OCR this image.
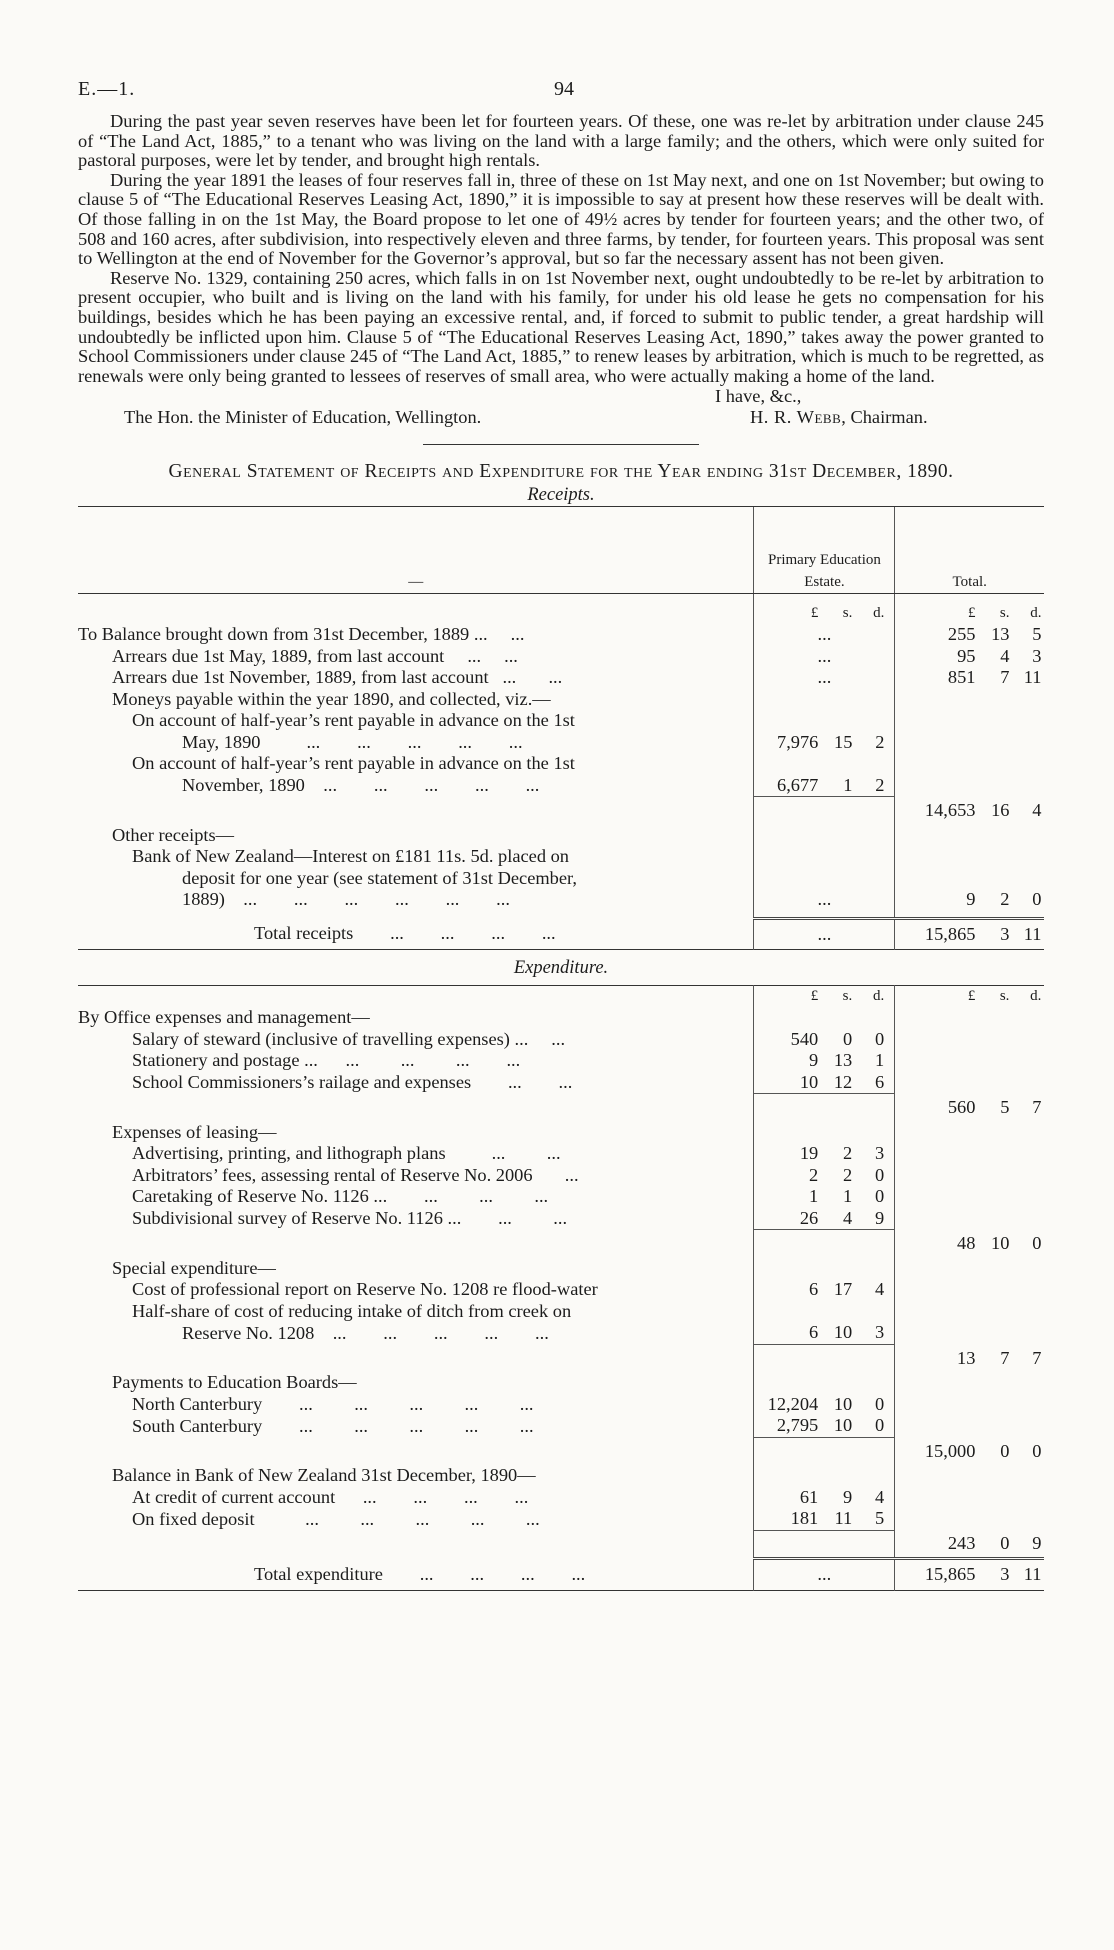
E.—1.	94

During the past year seven reserves have been let for fourteen years. Of these, one was re-let by arbitration under clause 245 of “The Land Act, 1885,” to a tenant who was living on the land with a large family; and the others, which were only suited for pastoral purposes, were let by tender, and brought high rentals.

During the year 1891 the leases of four reserves fall in, three of these on 1st May next, and one on 1st November; but owing to clause 5 of “The Educational Reserves Leasing Act, 1890,” it is impossible to say at present how these reserves will be dealt with. Of those falling in on the 1st May, the Board propose to let one of 49½ acres by tender for fourteen years; and the other two, of 508 and 160 acres, after subdivision, into respectively eleven and three farms, by tender, for fourteen years. This proposal was sent to Wellington at the end of November for the Governor’s approval, but so far the necessary assent has not been given.

Reserve No. 1329, containing 250 acres, which falls in on 1st November next, ought undoubtedly to be re-let by arbitration to present occupier, who built and is living on the land with his family, for under his old lease he gets no compensation for his buildings, besides which he has been paying an excessive rental, and, if forced to submit to public tender, a great hardship will undoubtedly be inflicted upon him. Clause 5 of “The Educational Reserves Leasing Act, 1890,” takes away the power granted to School Commissioners under clause 245 of “The Land Act, 1885,” to renew leases by arbitration, which is much to be regretted, as renewals were only being granted to lessees of reserves of small area, who were actually making a home of the land.

I have, &c.,
The Hon. the Minister of Education, Wellington.	H. R. Webb, Chairman.
General Statement of Receipts and Expenditure for the Year ending 31st December, 1890.
Receipts.
—	Primary Education Estate.	Total.

	£ s. d.	£ s. d.

To Balance brought down from 31st December, 1889 ...     ...	...	255 13 5

Arrears due 1st May, 1889, from last account     ...     ...	...	95 4 3

Arrears due 1st November, 1889, from last account   ...       ...	...	851 7 11

Moneys payable within the year 1890, and collected, viz.—		
On account of half-year’s rent payable in advance on the 1st		
May, 1890          ...        ...        ...        ...        ...	7,976 15 2	

On account of half-year’s rent payable in advance on the 1st		
November, 1890    ...        ...        ...        ...        ...	6,677 1 2	

		14,653 16 4

Other receipts—		
Bank of New Zealand—Interest on £181 11s. 5d. placed on		
deposit for one year (see statement of 31st December,		
1889)    ...        ...        ...        ...        ...        ...	...	9 2 0

Total receipts        ...        ...        ...        ...	...	15,865 3 11
Expenditure.

	£ s. d.	£ s. d.

By Office expenses and management—		
Salary of steward (inclusive of travelling expenses) ...     ...	540 0 0	

Stationery and postage ...      ...         ...         ...        ...	9 13 1	

School Commissioners’s railage and expenses        ...        ...	10 12 6	

		560 5 7

Expenses of leasing—		
Advertising, printing, and lithograph plans          ...         ...	19 2 3	

Arbitrators’ fees, assessing rental of Reserve No. 2006       ...	2 2 0	

Caretaking of Reserve No. 1126 ...        ...         ...         ...	1 1 0	

Subdivisional survey of Reserve No. 1126 ...        ...         ...	26 4 9	

		48 10 0

Special expenditure—		
Cost of professional report on Reserve No. 1208 re flood-water	6 17 4	

Half-share of cost of reducing intake of ditch from creek on		
Reserve No. 1208    ...        ...        ...        ...        ...	6 10 3	

		13 7 7

Payments to Education Boards—		
North Canterbury        ...         ...         ...         ...         ...	12,204 10 0	

South Canterbury        ...         ...         ...         ...         ...	2,795 10 0	

		15,000 0 0

Balance in Bank of New Zealand 31st December, 1890—		
At credit of current account      ...        ...        ...        ...	61 9 4	

On fixed deposit           ...         ...         ...         ...         ...	181 11 5	

		243 0 9

Total expenditure        ...        ...        ...        ...	...	15,865 3 11
